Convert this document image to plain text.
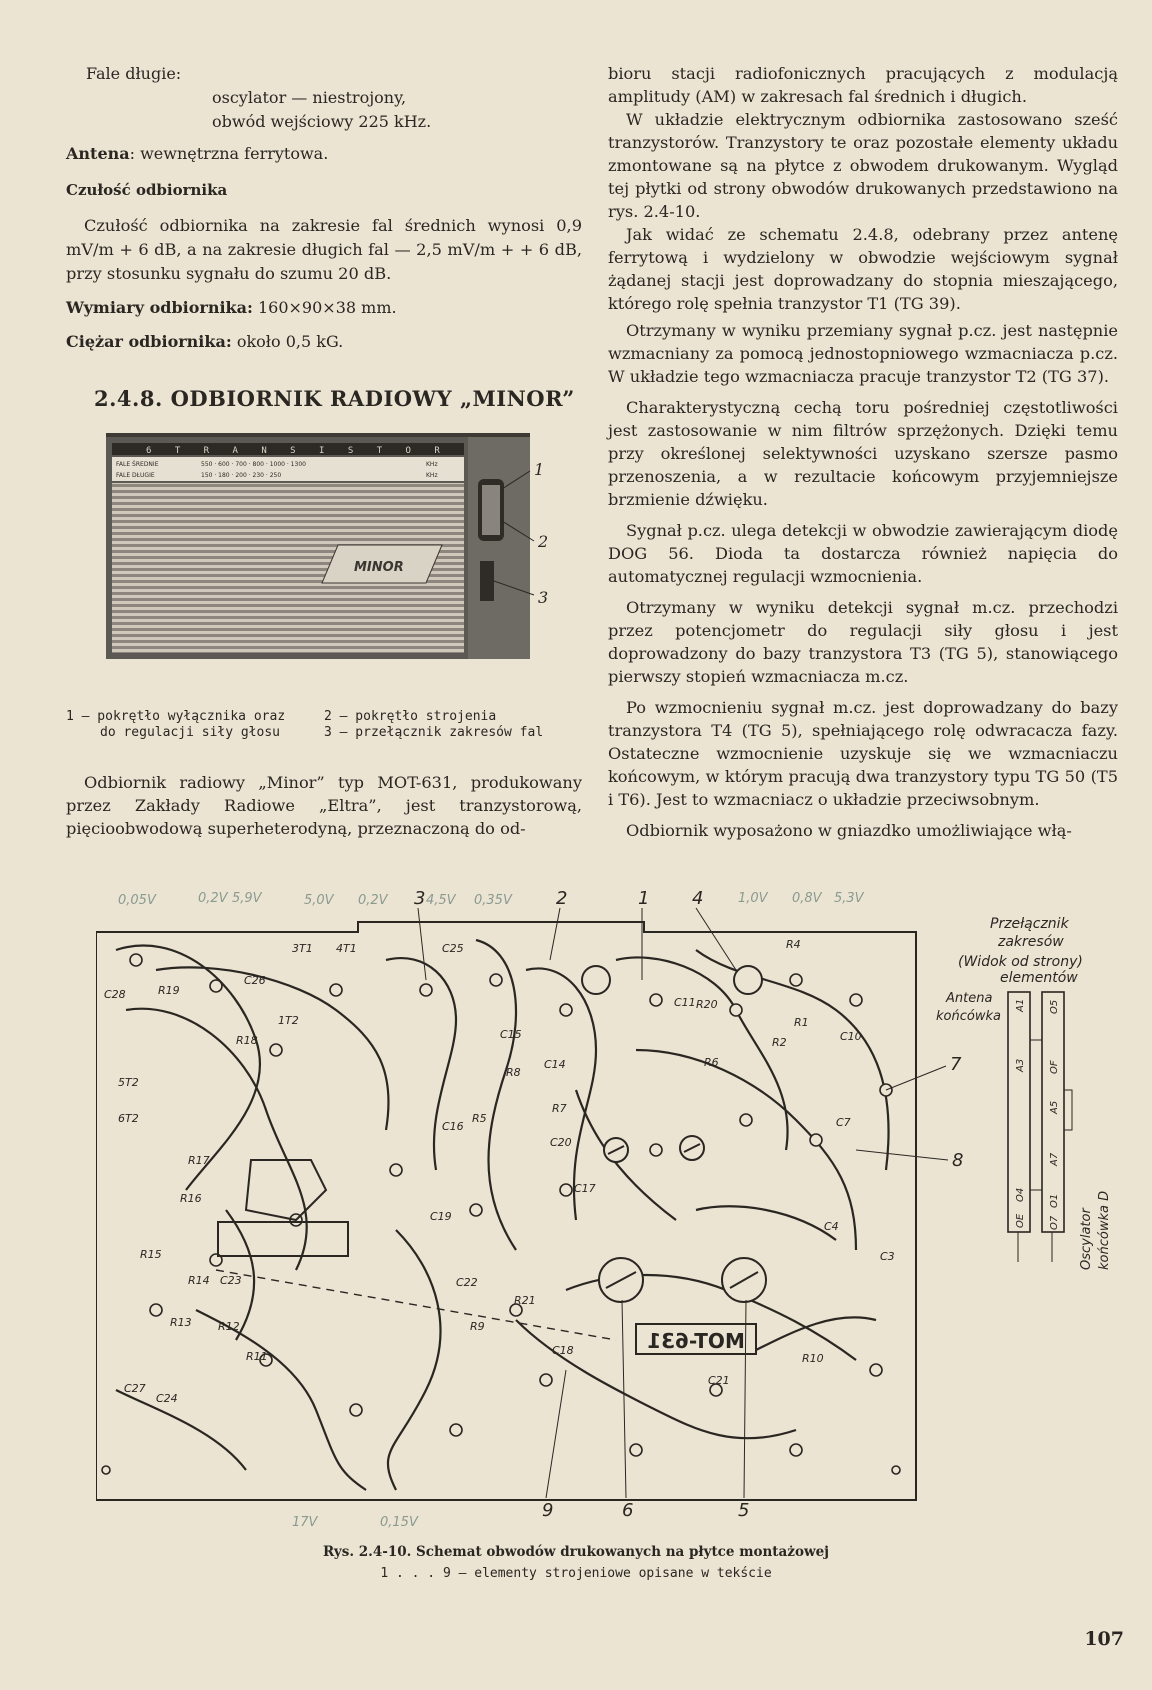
Fale długie:

oscylator — niestrojony,

obwód wejściowy 225 kHz.

Antena: wewnętrzna ferrytowa.

Czułość odbiornika

Czułość odbiornika na zakresie fal średnich wynosi 0,9 mV/m + 6 dB, a na zakresie długich fal — 2,5 mV/m + + 6 dB, przy stosunku sygnału do szumu 20 dB.

Wymiary odbiornika: 160×90×38 mm.

Ciężar odbiornika: około 0,5 kG.

2.4.8. ODBIORNIK RADIOWY „MINOR”
6 T R A N S I S T O R
FALE ŚREDNIE
FALE DŁUGIE
550 · 600 · 700 · 800 · 1000 · 1300
150 · 180 · 200 · 230 · 250
KHz
KHz
MINOR
1
2
3

1 — pokrętło wyłącznika oraz

do regulacji siły głosu

2 — pokrętło strojenia

3 — przełącznik zakresów fal

Odbiornik radiowy „Minor” typ MOT-631, produkowany przez Zakłady Radiowe „Eltra”, jest tranzystorową, pięcioobwodową superheterodyną, przeznaczoną do od-

bioru stacji radiofonicznych pracujących z modulacją amplitudy (AM) w zakresach fal średnich i długich.

W układzie elektrycznym odbiornika zastosowano sześć tranzystorów. Tranzystory te oraz pozostałe elementy układu zmontowane są na płytce z obwodem drukowanym. Wygląd tej płytki od strony obwodów drukowanych przedstawiono na rys. 2.4-10.

Jak widać ze schematu 2.4.8, odebrany przez antenę ferrytową i wydzielony w obwodzie wejściowym sygnał żądanej stacji jest doprowadzany do stopnia mieszającego, którego rolę spełnia tranzystor T1 (TG 39).

Otrzymany w wyniku przemiany sygnał p.cz. jest następnie wzmacniany za pomocą jednostopniowego wzmacniacza p.cz. W układzie tego wzmacniacza pracuje tranzystor T2 (TG 37).

Charakterystyczną cechą toru pośredniej częstotliwości jest zastosowanie w nim filtrów sprzężonych. Dzięki temu przy określonej selektywności uzyskano szersze pasmo przenoszenia, a w rezultacie końcowym przyjemniejsze brzmienie dźwięku.

Sygnał p.cz. ulega detekcji w obwodzie zawierającym diodę DOG 56. Dioda ta dostarcza również napięcia do automatycznej regulacji wzmocnienia.

Otrzymany w wyniku detekcji sygnał m.cz. przechodzi przez potencjometr do regulacji siły głosu i jest doprowadzony do bazy tranzystora T3 (TG 5), stanowiącego pierwszy stopień wzmacniacza m.cz.

Po wzmocnieniu sygnał m.cz. jest doprowadzany do bazy tranzystora T4 (TG 5), spełniającego rolę odwracacza fazy. Ostateczne wzmocnienie uzyskuje się we wzmacniaczu końcowym, w którym pracują dwa tranzystory typu TG 50 (T5 i T6). Jest to wzmacniacz o układzie przeciwsobnym.

Odbiornik wyposażono w gniazdko umożliwiające włą-

MOT-631
0,05V	0,2V 5,9V	5,0V 0,2V	4,5V 0,35V	1,0V 0,8V 5,3V
17V	0,15V
1
2
3	4
5
6
7
8
9
C28	R19
C26
R18
1T2
5T2
6T2
3T1 4T1	C25
C16
R5
C15
C14
R7
C19
C17
C11 R20
R2
R6
R4
R1
C10
C7
C4
C3
C22
R21
R9
C18
C21
R10
C23
R14
R13 R12
R11
R15
R16
R17
C27
C24
C20
R8
Przełącznik
zakresów
(Widok od strony)
elementów
Antena
końcówka
A1
A3
A5
A7
O4 O1
OE
OF
O5
O7 Oscylator końcówka D

Rys. 2.4-10. Schemat obwodów drukowanych na płytce montażowej

1 . . . 9 — elementy strojeniowe opisane w tekście

107
